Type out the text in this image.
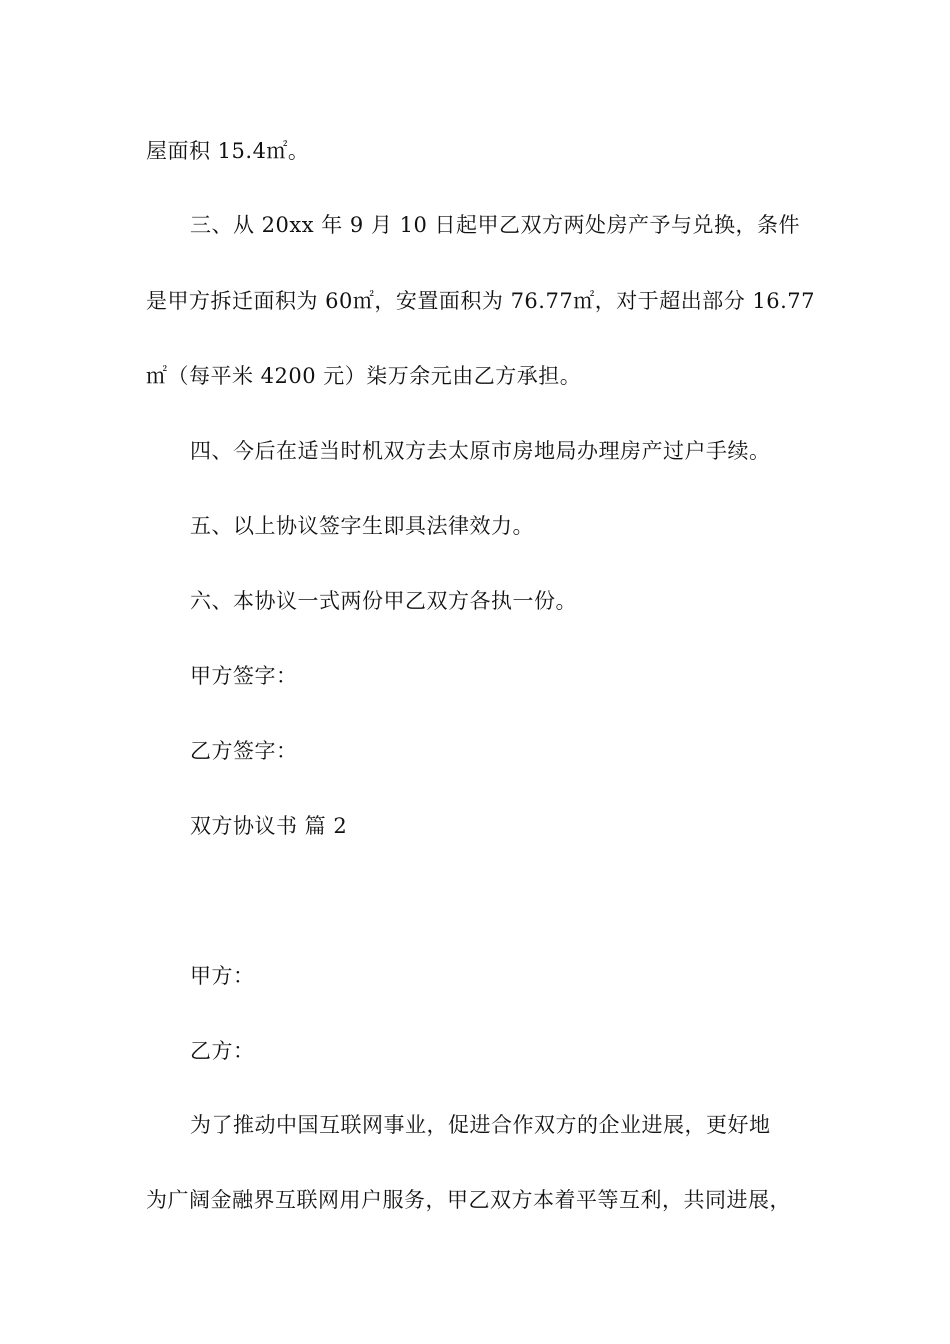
屋面积 15.4㎡。
三、从 20xx 年 9 月 10 日起甲乙双方两处房产予与兑换，条件
是甲方拆迁面积为 60㎡，安置面积为 76.77㎡，对于超出部分 16.77
㎡（每平米 4200 元）柒万余元由乙方承担。
四、今后在适当时机双方去太原市房地局办理房产过户手续。
五、以上协议签字生即具法律效力。
六、本协议一式两份甲乙双方各执一份。
甲方签字：
乙方签字：
双方协议书 篇 2
甲方：
乙方：
为了推动中国互联网事业，促进合作双方的企业进展，更好地
为广阔金融界互联网用户服务，甲乙双方本着平等互利，共同进展，
